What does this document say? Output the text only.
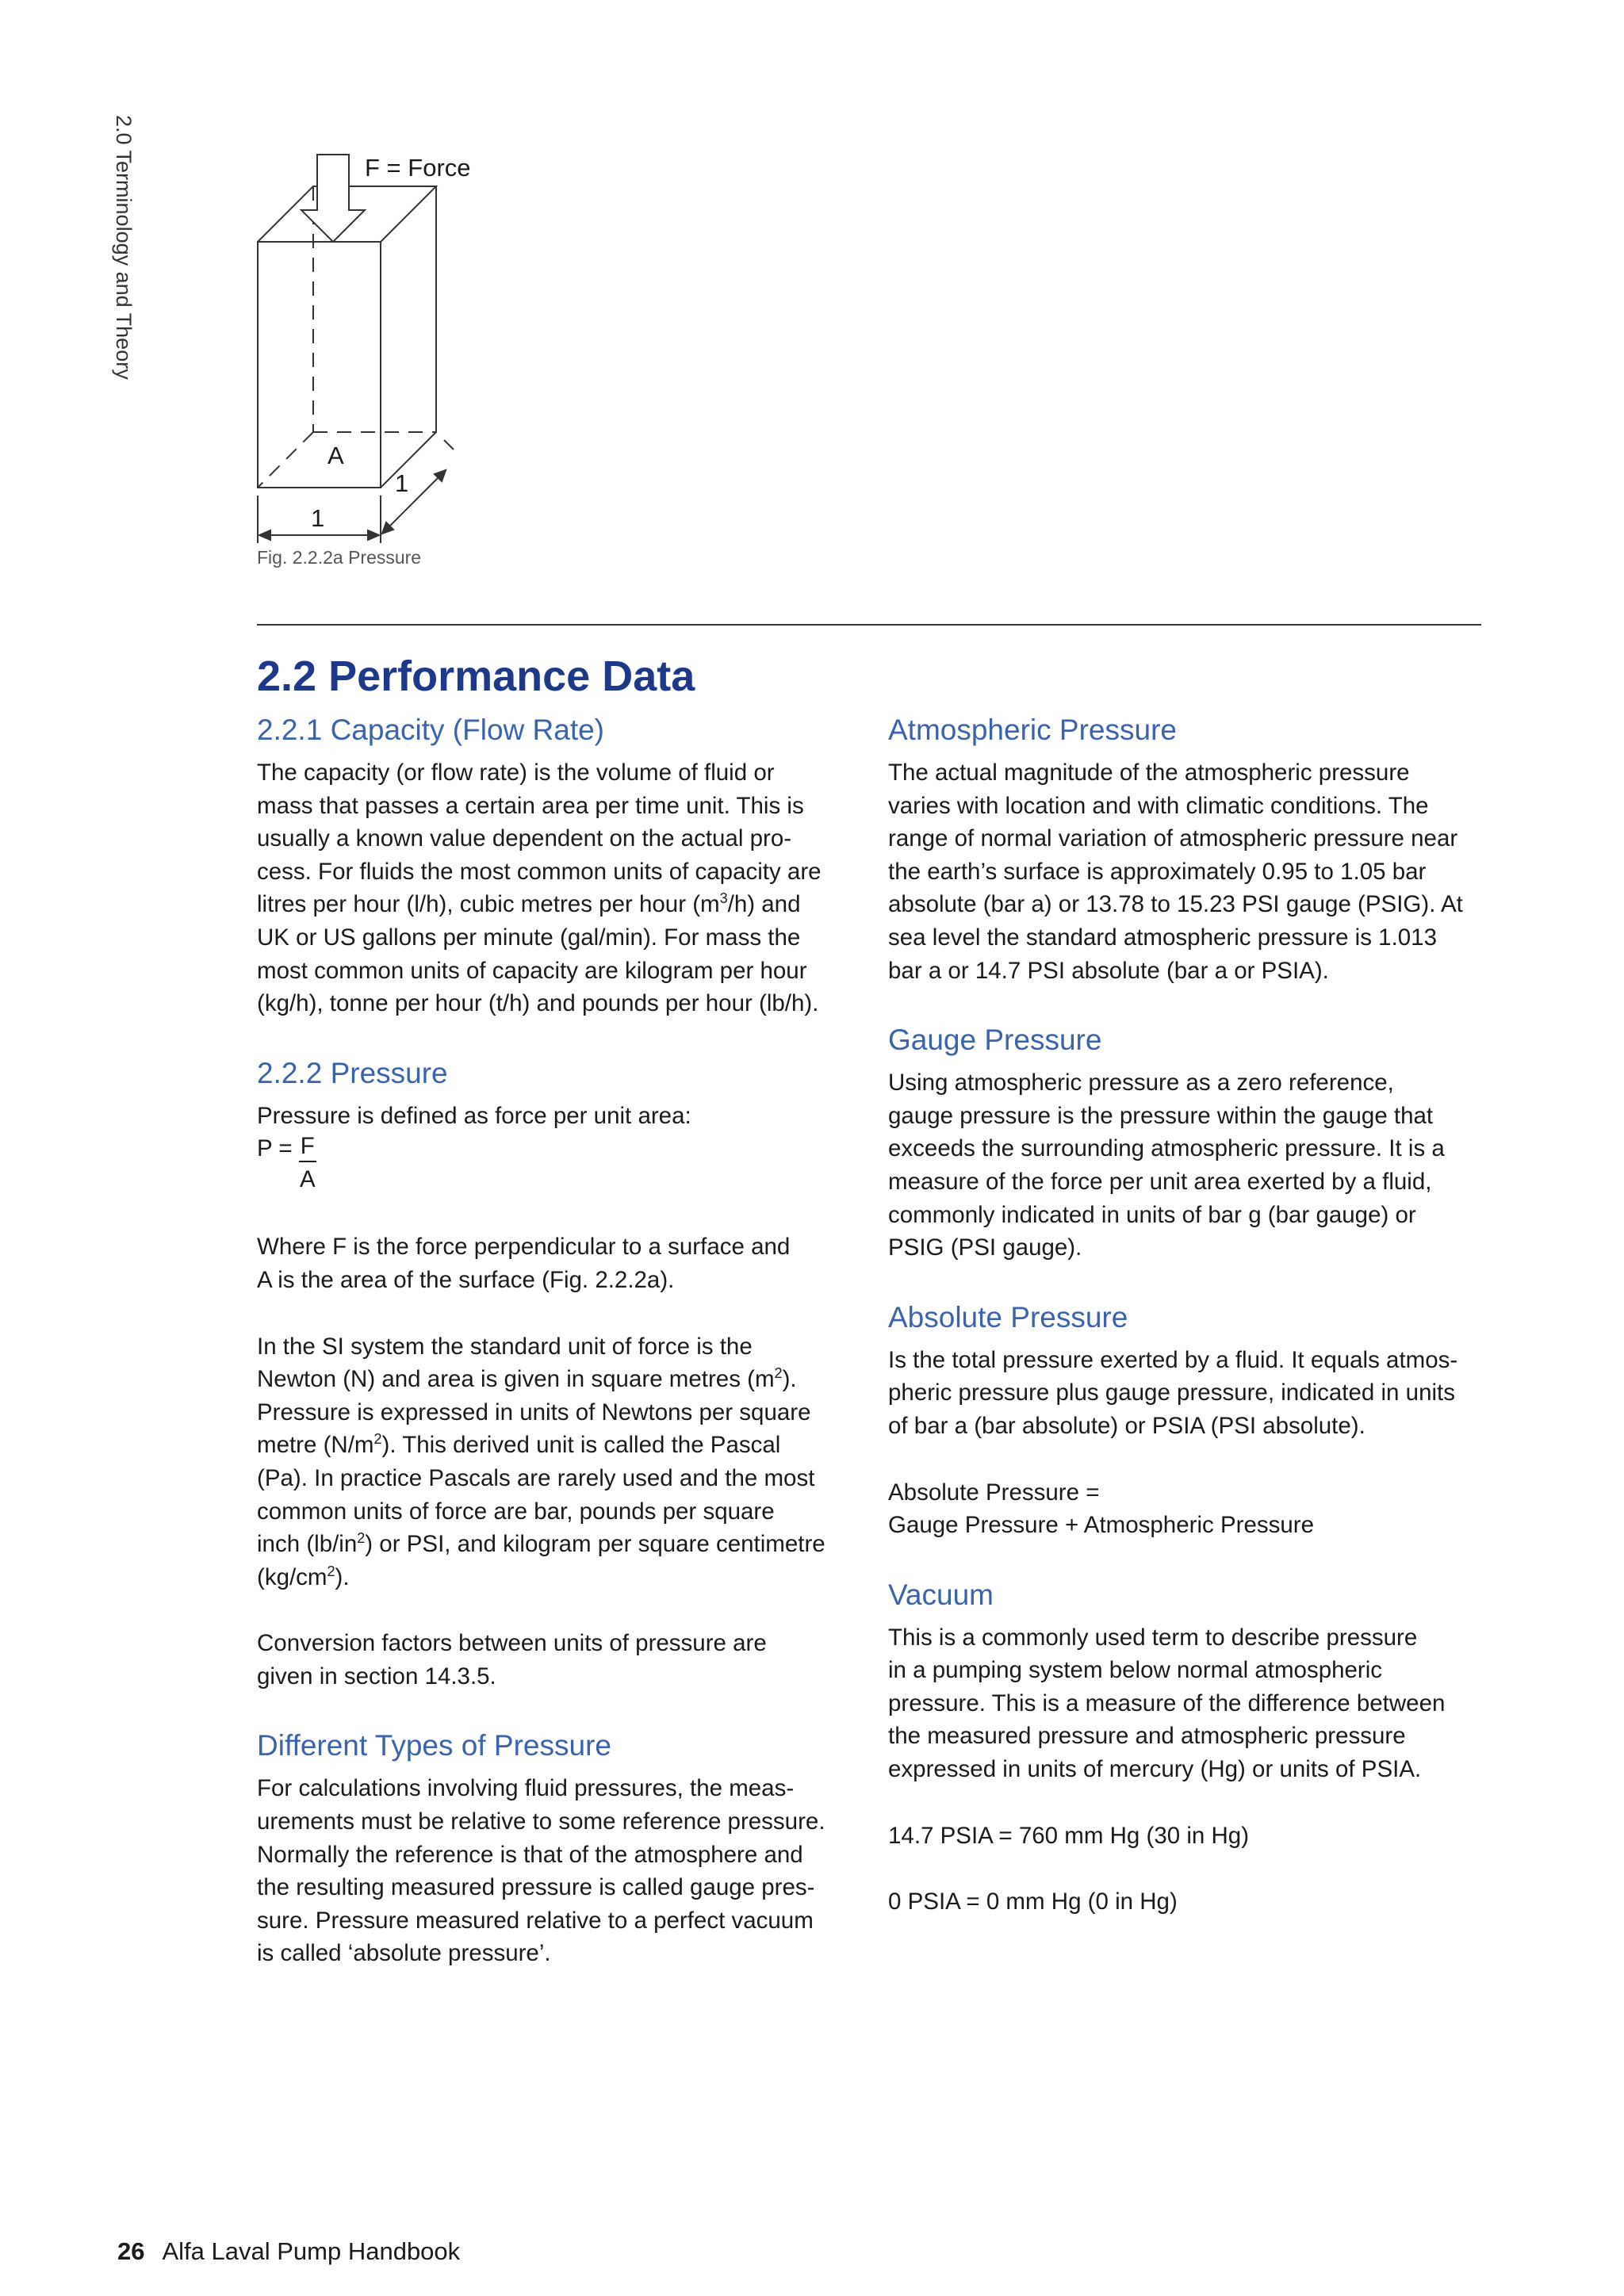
2.0 Terminology and Theory	F = Force
A
1
1
Fig. 2.2.2a Pressure
2.2 Performance Data
2.2.1 Capacity (Flow Rate)

The capacity (or flow rate) is the volume of fluid or
mass that passes a certain area per time unit. This is
usually a known value dependent on the actual pro-
cess. For fluids the most common units of capacity are
litres per hour (l/h), cubic metres per hour $(m^3/h)$ and
UK or US gallons per minute (gal/min). For mass the
most common units of capacity are kilogram per hour
(kg/h), tonne per hour (t/h) and pounds per hour (lb/h).

2.2.2 Pressure

Pressure is defined as force per unit area:

$P = \frac{F}{A}$

Where F is the force perpendicular to a surface and
A is the area of the surface (Fig. 2.2.2a).

In the SI system the standard unit of force is the
Newton (N) and area is given in square metres $(m^2)$.
Pressure is expressed in units of Newtons per square
metre $(N/m^2)$. This derived unit is called the Pascal
(Pa). In practice Pascals are rarely used and the most
common units of force are bar, pounds per square
inch $(lb/in^2)$ or PSI, and kilogram per square centimetre
$(kg/cm^2)$.

Conversion factors between units of pressure are
given in section 14.3.5.

Different Types of Pressure

For calculations involving fluid pressures, the meas-
urements must be relative to some reference pressure.
Normally the reference is that of the atmosphere and
the resulting measured pressure is called gauge pres-
sure. Pressure measured relative to a perfect vacuum
is called ‘absolute pressure’.

Atmospheric Pressure

The actual magnitude of the atmospheric pressure
varies with location and with climatic conditions. The
range of normal variation of atmospheric pressure near
the earth’s surface is approximately 0.95 to 1.05 bar
absolute (bar a) or 13.78 to 15.23 PSI gauge (PSIG). At
sea level the standard atmospheric pressure is 1.013
bar a or 14.7 PSI absolute (bar a or PSIA).

Gauge Pressure

Using atmospheric pressure as a zero reference,
gauge pressure is the pressure within the gauge that
exceeds the surrounding atmospheric pressure. It is a
measure of the force per unit area exerted by a fluid,
commonly indicated in units of bar g (bar gauge) or
PSIG (PSI gauge).

Absolute Pressure

Is the total pressure exerted by a fluid. It equals atmos-
pheric pressure plus gauge pressure, indicated in units
of bar a (bar absolute) or PSIA (PSI absolute).

Absolute Pressure =
Gauge Pressure + Atmospheric Pressure

Vacuum

This is a commonly used term to describe pressure
in a pumping system below normal atmospheric
pressure. This is a measure of the difference between
the measured pressure and atmospheric pressure
expressed in units of mercury (Hg) or units of PSIA.

14.7 PSIA = 760 mm Hg (30 in Hg)

0 PSIA = 0 mm Hg (0 in Hg)

26 Alfa Laval Pump Handbook
